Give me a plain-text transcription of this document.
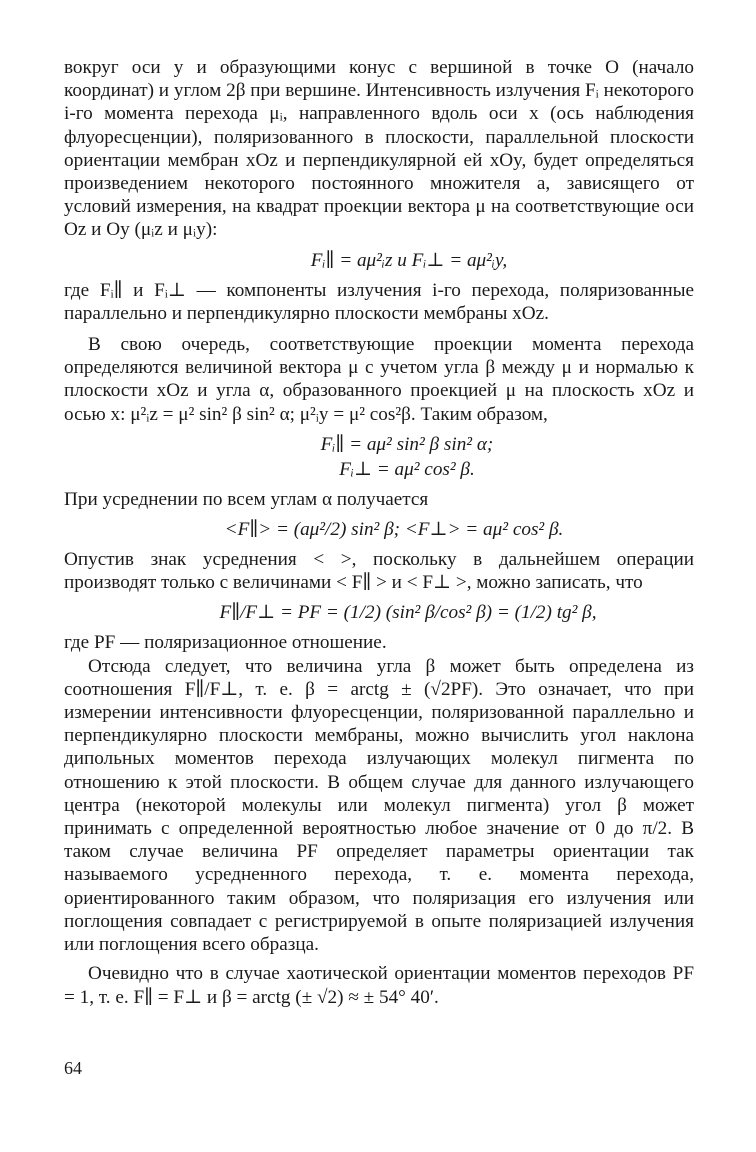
вокруг оси y и образующими конус с вершиной в точке O (начало координат) и углом 2β при вершине. Интенсивность излучения Fᵢ некоторого i-го момента перехода μᵢ, направленного вдоль оси x (ось наблюдения флуоресценции), поляризованного в плоскости, параллельной плоскости ориентации мембран xOz и перпендикулярной ей xOy, будет определяться произведением некоторого постоянного множителя a, зависящего от условий измерения, на квадрат проекции вектора μ на соответствующие оси Oz и Oy (μᵢz и μᵢy):

Fᵢ∥ = aμ²ᵢz и Fᵢ⊥ = aμ²ᵢy,

где Fᵢ∥ и Fᵢ⊥ — компоненты излучения i-го перехода, поляризованные параллельно и перпендикулярно плоскости мембраны xOz.

В свою очередь, соответствующие проекции момента перехода определяются величиной вектора μ с учетом угла β между μ и нормалью к плоскости xOz и угла α, образованного проекцией μ на плоскость xOz и осью x: μ²ᵢz = μ² sin² β sin² α; μ²ᵢy = μ² cos²β. Таким образом,

Fᵢ∥ = aμ² sin² β sin² α;
Fᵢ⊥ = aμ² cos² β.

При усреднении по всем углам α получается

<F∥> = (aμ²/2) sin² β; <F⊥> = aμ² cos² β.

Опустив знак усреднения < >, поскольку в дальнейшем операции производят только с величинами < F∥ > и < F⊥ >, можно записать, что

F∥/F⊥ = PF = (1/2) (sin² β/cos² β) = (1/2) tg² β,

где PF — поляризационное отношение.

Отсюда следует, что величина угла β может быть определена из соотношения F∥/F⊥, т. е. β = arctg ± (√2PF). Это означает, что при измерении интенсивности флуоресценции, поляризованной параллельно и перпендикулярно плоскости мембраны, можно вычислить угол наклона дипольных моментов перехода излучающих молекул пигмента по отношению к этой плоскости. В общем случае для данного излучающего центра (некоторой молекулы или молекул пигмента) угол β может принимать с определенной вероятностью любое значение от 0 до π/2. В таком случае величина PF определяет параметры ориентации так называемого усредненного перехода, т. е. момента перехода, ориентированного таким образом, что поляризация его излучения или поглощения совпадает с регистрируемой в опыте поляризацией излучения или поглощения всего образца.

Очевидно что в случае хаотической ориентации моментов переходов PF = 1, т. е. F∥ = F⊥ и β = arctg (± √2) ≈ ± 54° 40′.

64
